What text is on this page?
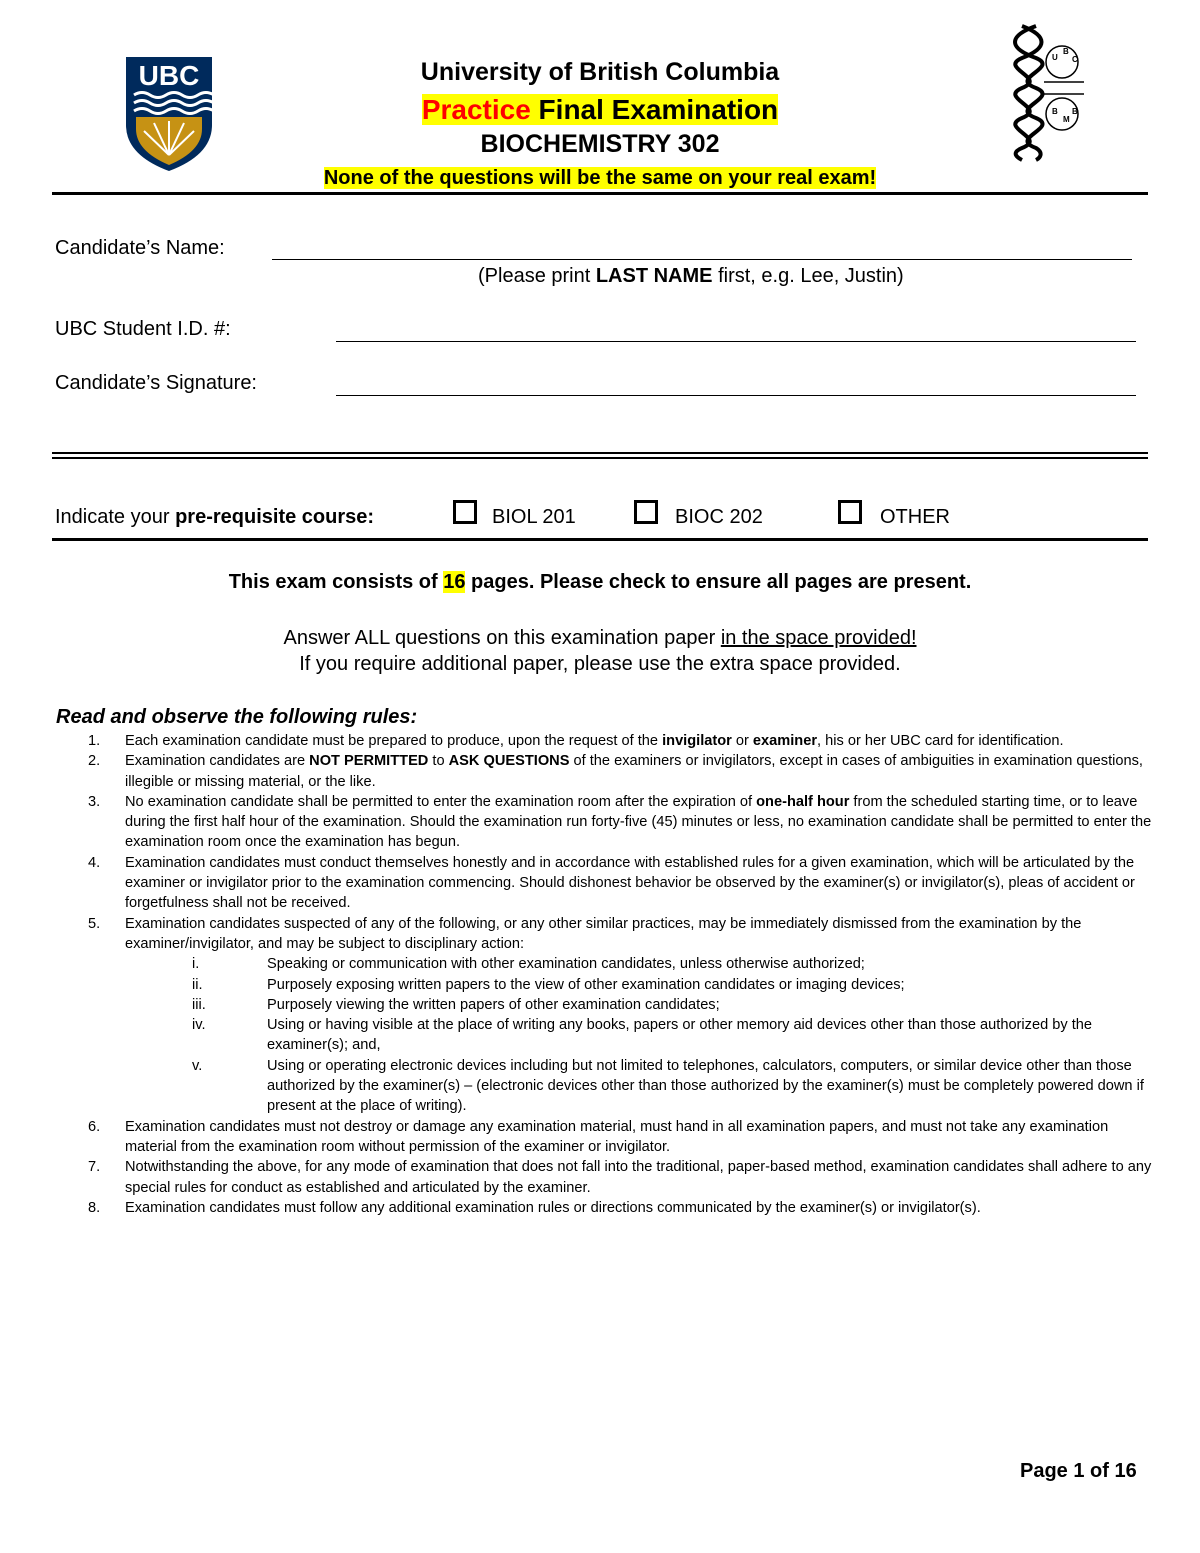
UBC
U
B
C
B
M
B
University of British Columbia
Practice Final Examination
BIOCHEMISTRY 302
None of the questions will be the same on your real exam!
Candidate’s Name:
(Please print LAST NAME first, e.g. Lee, Justin)
UBC Student I.D. #:
Candidate’s Signature:
Indicate your pre-requisite course:	BIOL 201	BIOC 202	OTHER
This exam consists of 16 pages. Please check to ensure all pages are present.
Answer ALL questions on this examination paper in the space provided!
If you require additional paper, please use the extra space provided.
Read and observe the following rules:
1. Each examination candidate must be prepared to produce, upon the request of the invigilator or examiner, his or her UBC card for identification.
2. Examination candidates are NOT PERMITTED to ASK QUESTIONS of the examiners or invigilators, except in cases of ambiguities in examination questions, illegible or missing material, or the like.
3. No examination candidate shall be permitted to enter the examination room after the expiration of one-half hour from the scheduled starting time, or to leave during the first half hour of the examination. Should the examination run forty-five (45) minutes or less, no examination candidate shall be permitted to enter the examination room once the examination has begun.
4. Examination candidates must conduct themselves honestly and in accordance with established rules for a given examination, which will be articulated by the examiner or invigilator prior to the examination commencing. Should dishonest behavior be observed by the examiner(s) or invigilator(s), pleas of accident or forgetfulness shall not be received.
5. Examination candidates suspected of any of the following, or any other similar practices, may be immediately dismissed from the examination by the examiner/invigilator, and may be subject to disciplinary action:
i.	Speaking or communication with other examination candidates, unless otherwise authorized;
ii.	Purposely exposing written papers to the view of other examination candidates or imaging devices;
iii.	Purposely viewing the written papers of other examination candidates;
iv.	Using or having visible at the place of writing any books, papers or other memory aid devices other than those authorized by the examiner(s); and,
v.	Using or operating electronic devices including but not limited to telephones, calculators, computers, or similar device other than those authorized by the examiner(s) – (electronic devices other than those authorized by the examiner(s) must be completely powered down if present at the place of writing).
6. Examination candidates must not destroy or damage any examination material, must hand in all examination papers, and must not take any examination material from the examination room without permission of the examiner or invigilator.
7. Notwithstanding the above, for any mode of examination that does not fall into the traditional, paper-based method, examination candidates shall adhere to any special rules for conduct as established and articulated by the examiner.
8. Examination candidates must follow any additional examination rules or directions communicated by the examiner(s) or invigilator(s).
Page 1 of 16
